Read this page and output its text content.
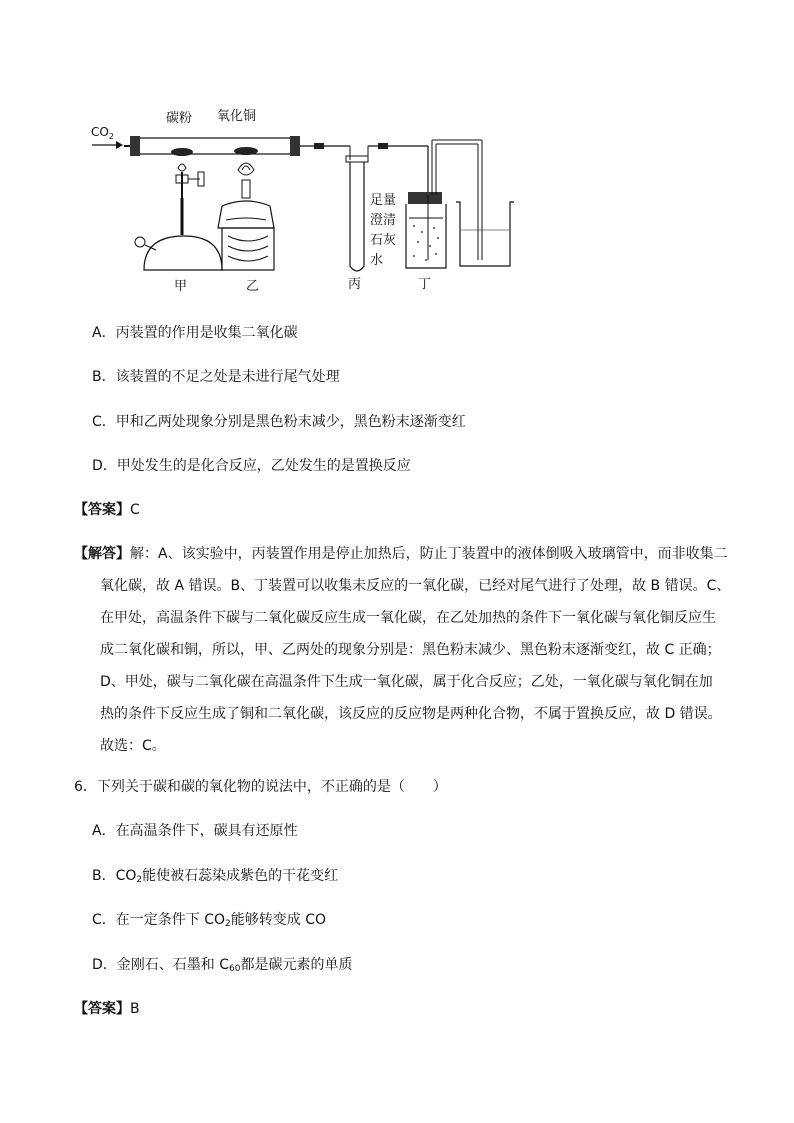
$CO_2$
碳粉 氧化铜
甲	乙	丙
足量
澄清
石灰
水
丁
A．丙装置的作用是收集二氧化碳
B．该装置的不足之处是未进行尾气处理
C．甲和乙两处现象分别是黑色粉末减少，黑色粉末逐渐变红
D．甲处发生的是化合反应，乙处发生的是置换反应
【答案】C

【解答】解：A、该实验中，丙装置作用是停止加热后，防止丁装置中的液体倒吸入玻璃管中，而非收集二

氧化碳，故 A 错误。B、丁装置可以收集未反应的一氧化碳，已经对尾气进行了处理，故 B 错误。C、

在甲处，高温条件下碳与二氧化碳反应生成一氧化碳，在乙处加热的条件下一氧化碳与氧化铜反应生

成二氧化碳和铜，所以，甲、乙两处的现象分别是：黑色粉末减少、黑色粉末逐渐变红，故 C 正确；

D、甲处，碳与二氧化碳在高温条件下生成一氧化碳，属于化合反应；乙处，一氧化碳与氧化铜在加

热的条件下反应生成了铜和二氧化碳，该反应的反应物是两种化合物，不属于置换反应，故 D 错误。

故选：C。

6．下列关于碳和碳的氧化物的说法中，不正确的是（　　）
A．在高温条件下，碳具有还原性
B．$CO_2$能使被石蕊染成紫色的干花变红
C．在一定条件下 $CO_2$能够转变成 CO
D．金刚石、石墨和 $C_{60}$都是碳元素的单质
【答案】B
